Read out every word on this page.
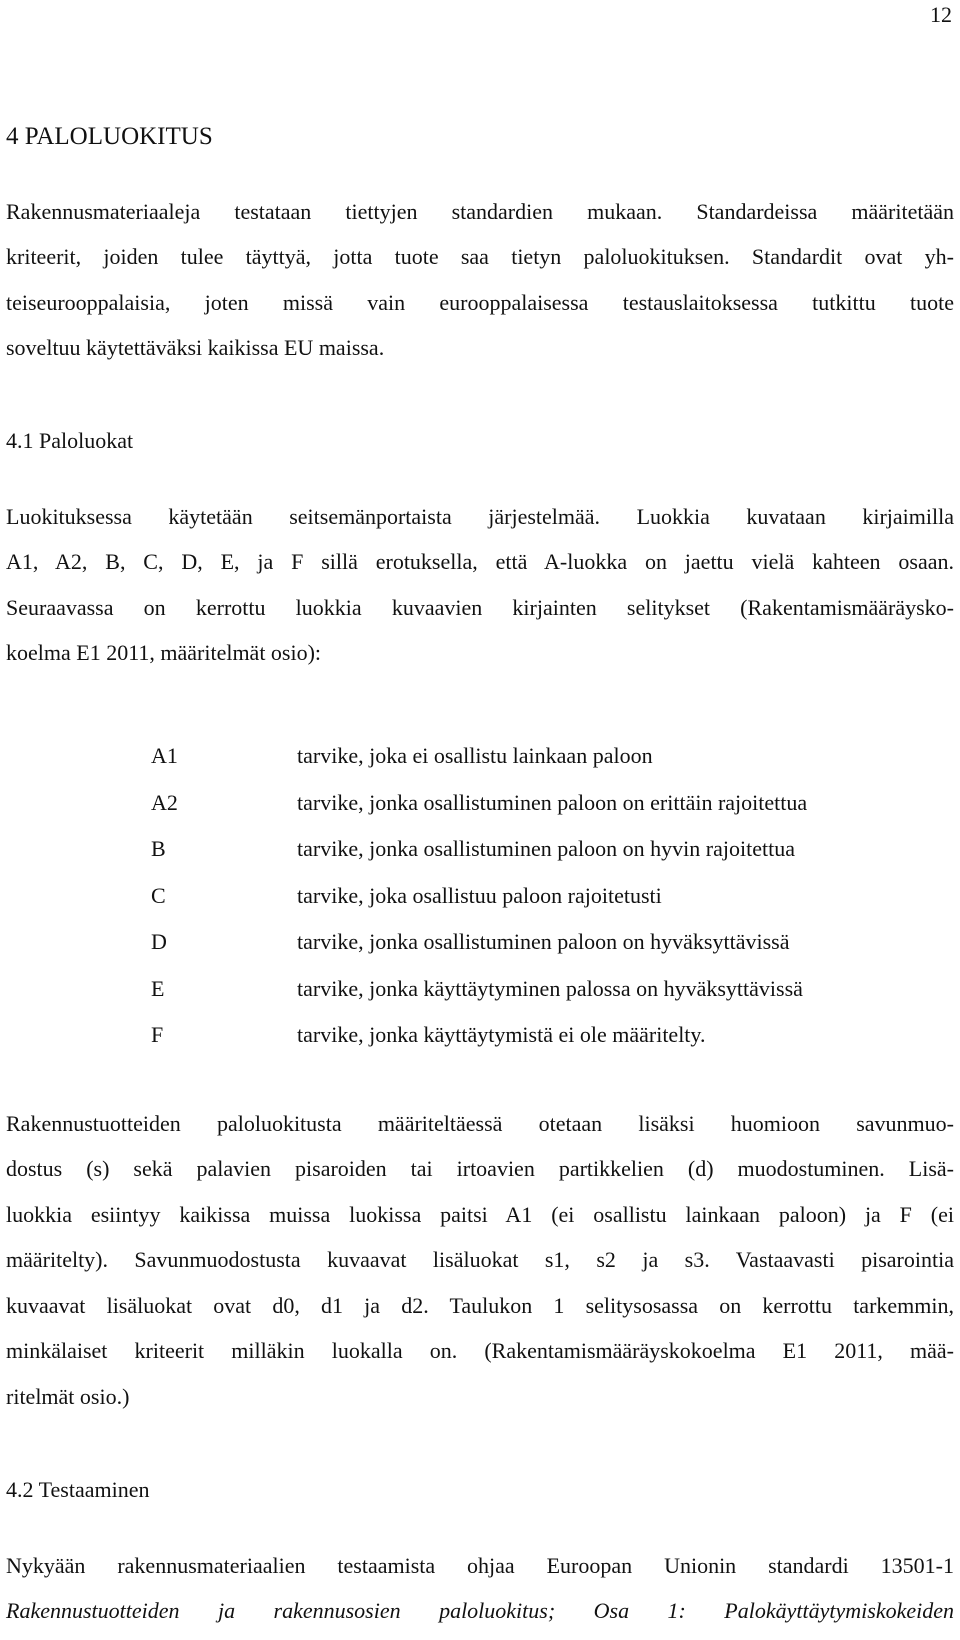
12
4 PALOLUOKITUS
Rakennusmateriaaleja testataan tiettyjen standardien mukaan. Standardeissa määritetään
kriteerit, joiden tulee täyttyä, jotta tuote saa tietyn paloluokituksen. Standardit ovat yh-
teiseurooppalaisia, joten missä vain eurooppalaisessa testauslaitoksessa tutkittu tuote
soveltuu käytettäväksi kaikissa EU maissa.
4.1 Paloluokat
Luokituksessa käytetään seitsemänportaista järjestelmää. Luokkia kuvataan kirjaimilla
A1, A2, B, C, D, E, ja F sillä erotuksella, että A-luokka on jaettu vielä kahteen osaan.
Seuraavassa on kerrottu luokkia kuvaavien kirjainten selitykset (Rakentamismääräysko-
koelma E1 2011, määritelmät osio):
A1	tarvike, joka ei osallistu lainkaan paloon
A2	tarvike, jonka osallistuminen paloon on erittäin rajoitettua
B	tarvike, jonka osallistuminen paloon on hyvin rajoitettua
C	tarvike, joka osallistuu paloon rajoitetusti
D	tarvike, jonka osallistuminen paloon on hyväksyttävissä
E	tarvike, jonka käyttäytyminen palossa on hyväksyttävissä
F	tarvike, jonka käyttäytymistä ei ole määritelty.
Rakennustuotteiden paloluokitusta määriteltäessä otetaan lisäksi huomioon savunmuo-
dostus (s) sekä palavien pisaroiden tai irtoavien partikkelien (d) muodostuminen. Lisä-
luokkia esiintyy kaikissa muissa luokissa paitsi A1 (ei osallistu lainkaan paloon) ja F (ei
määritelty). Savunmuodostusta kuvaavat lisäluokat s1, s2 ja s3. Vastaavasti pisarointia
kuvaavat lisäluokat ovat d0, d1 ja d2. Taulukon 1 selitysosassa on kerrottu tarkemmin,
minkälaiset kriteerit milläkin luokalla on. (Rakentamismääräyskokoelma E1 2011, mää-
ritelmät osio.)
4.2 Testaaminen
Nykyään rakennusmateriaalien testaamista ohjaa Euroopan Unionin standardi 13501-1
Rakennustuotteiden ja rakennusosien paloluokitus; Osa 1: Palokäyttäytymiskokeiden
